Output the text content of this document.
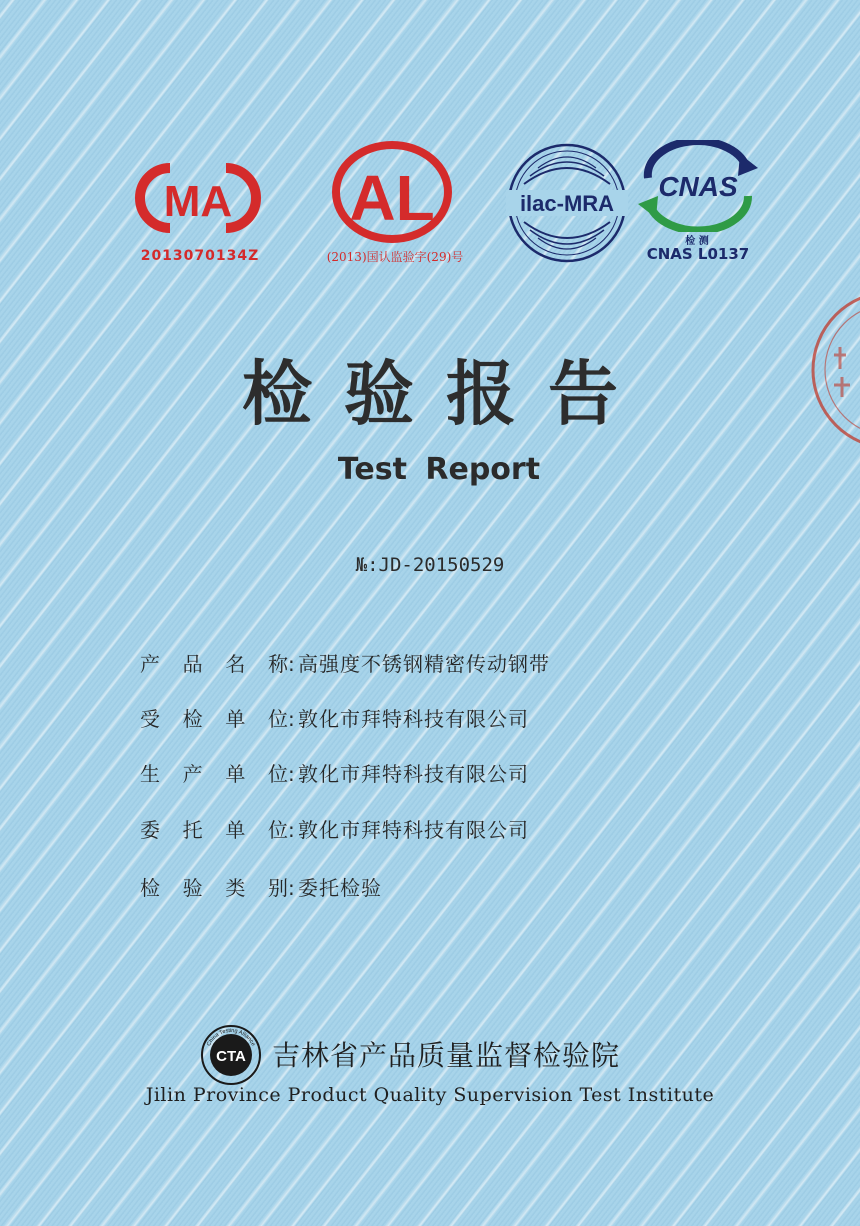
MA
2013070134Z
AL
(2013)国认监验字(29)号
ilac-MRA
CNAS
检 测
CNAS L0137
检验报告
Test Report
№:JD-20150529
产品名称: 高强度不锈钢精密传动钢带
受检单位: 敦化市拜特科技有限公司
生产单位: 敦化市拜特科技有限公司
委托单位: 敦化市拜特科技有限公司
检验类别: 委托检验
CTA
China Testing Alliance 吉林省产品质量监督检验院
Jilin Province Product Quality Supervision Test Institute
